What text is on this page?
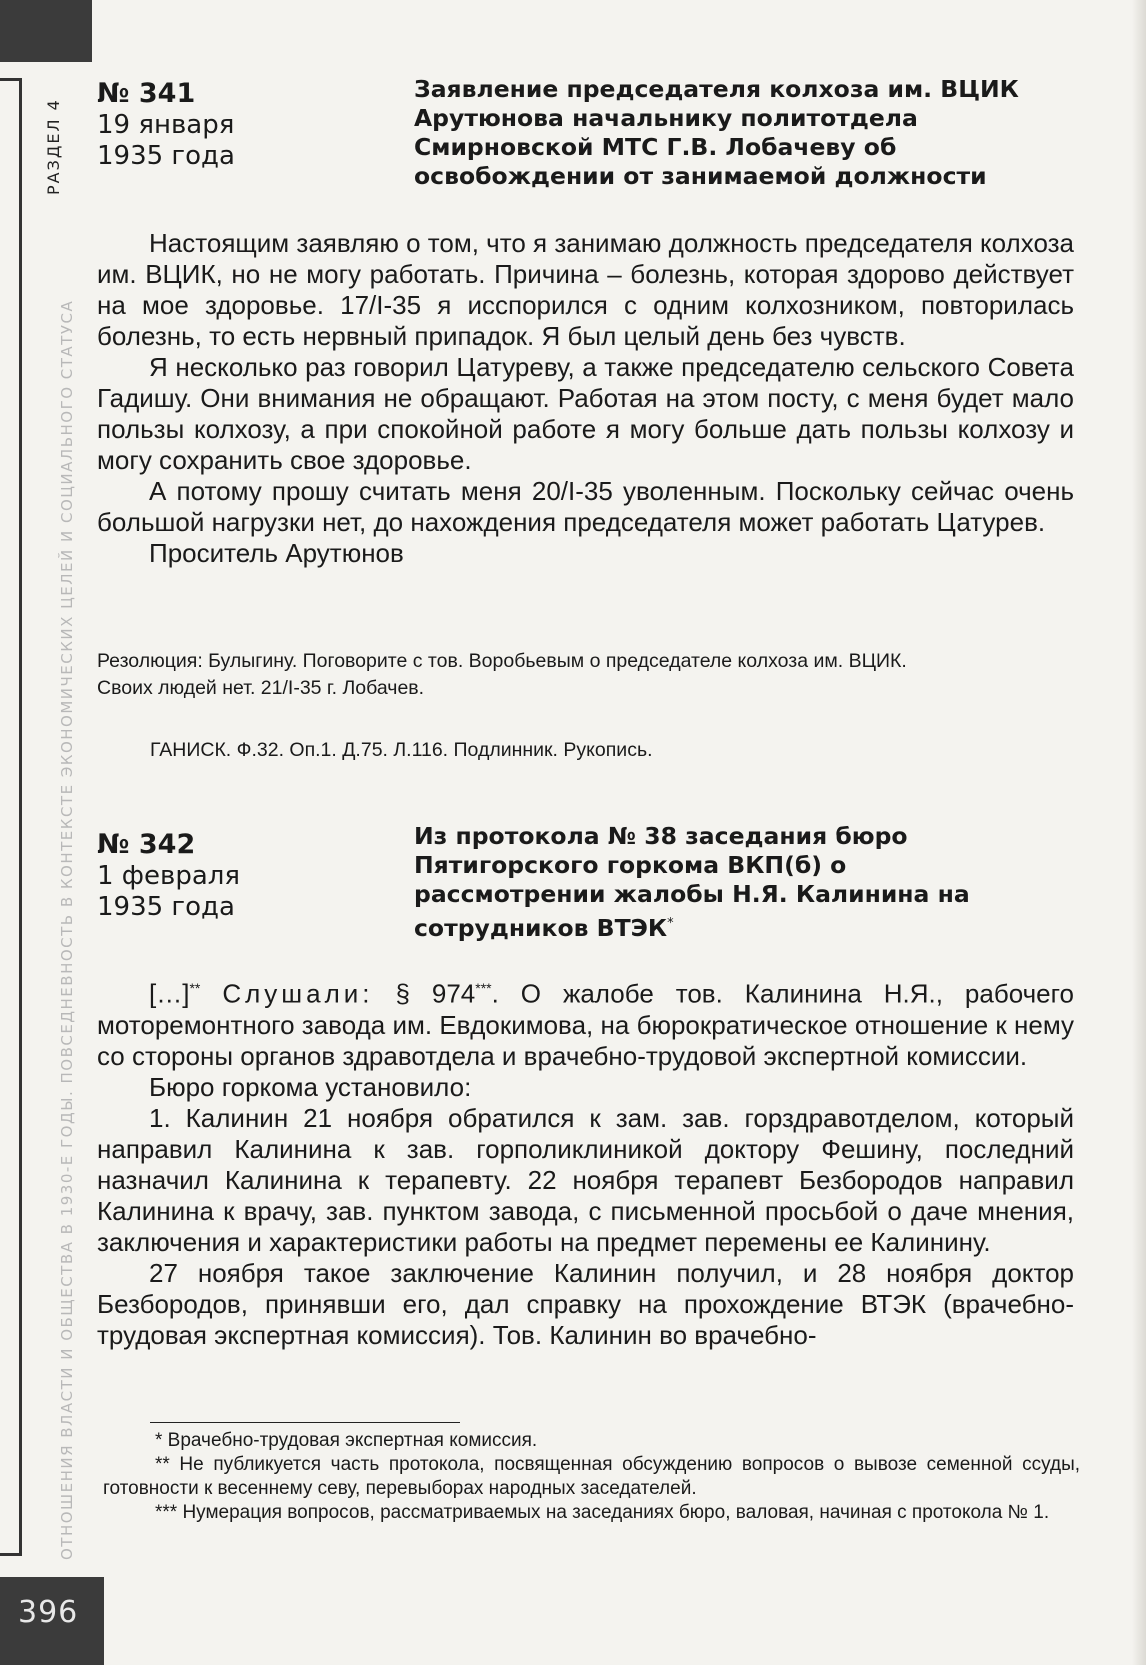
РАЗДЕЛ 4
ОТНОШЕНИЯ ВЛАСТИ И ОБЩЕСТВА В 1930-Е ГОДЫ. ПОВСЕДНЕВНОСТЬ В КОНТЕКСТЕ ЭКОНОМИЧЕСКИХ ЦЕЛЕЙ И СОЦИАЛЬНОГО СТАТУСА
№ 341
19 января
1935 года
Заявление председателя колхоза им. ВЦИК Арутюнова начальнику политотдела Смирновской МТС Г.В. Лобачеву об освобождении от занимаемой должности

Настоящим заявляю о том, что я занимаю должность председателя колхоза им. ВЦИК, но не могу работать. Причина – болезнь, которая здорово действует на мое здоровье. 17/I-35 я исспорился с одним колхозником, повторилась болезнь, то есть нервный припадок. Я был целый день без чувств.

Я несколько раз говорил Цатуреву, а также председателю сельского Совета Гадишу. Они внимания не обращают. Работая на этом посту, с меня будет мало пользы колхозу, а при спокойной работе я могу больше дать пользы колхозу и могу сохранить свое здоровье.

А потому прошу считать меня 20/I-35 уволенным. Поскольку сейчас очень большой нагрузки нет, до нахождения председателя может работать Цатурев.

Проситель Арутюнов

Резолюция: Булыгину. Поговорите с тов. Воробьевым о председателе колхоза им. ВЦИК.

Своих людей нет. 21/I-35 г. Лобачев.

ГАНИСК. Ф.32. Оп.1. Д.75. Л.116. Подлинник. Рукопись.
№ 342
1 февраля
1935 года
Из протокола № 38 заседания бюро Пятигорского горкома ВКП(б) о рассмотрении жалобы Н.Я. Калинина на сотрудников ВТЭК*

[…]** Слушали: § 974***. О жалобе тов. Калинина Н.Я., рабочего моторемонтного завода им. Евдокимова, на бюрократическое отношение к нему со стороны органов здравотдела и врачебно-трудовой экспертной комиссии.

Бюро горкома установило:

1. Калинин 21 ноября обратился к зам. зав. горздравотделом, который направил Калинина к зав. горполиклиникой доктору Фешину, последний назначил Калинина к терапевту. 22 ноября терапевт Безбородов направил Калинина к врачу, зав. пунктом завода, с письменной просьбой о даче мнения, заключения и характеристики работы на предмет перемены ее Калинину.

27 ноября такое заключение Калинин получил, и 28 ноября доктор Безбородов, принявши его, дал справку на прохождение ВТЭК (врачебно-трудовая экспертная комиссия). Тов. Калинин во врачебно-

* Врачебно-трудовая экспертная комиссия.

** Не публикуется часть протокола, посвященная обсуждению вопросов о вывозе семенной ссуды, готовности к весеннему севу, перевыборах народных заседателей.

*** Нумерация вопросов, рассматриваемых на заседаниях бюро, валовая, начиная с протокола № 1.

396
